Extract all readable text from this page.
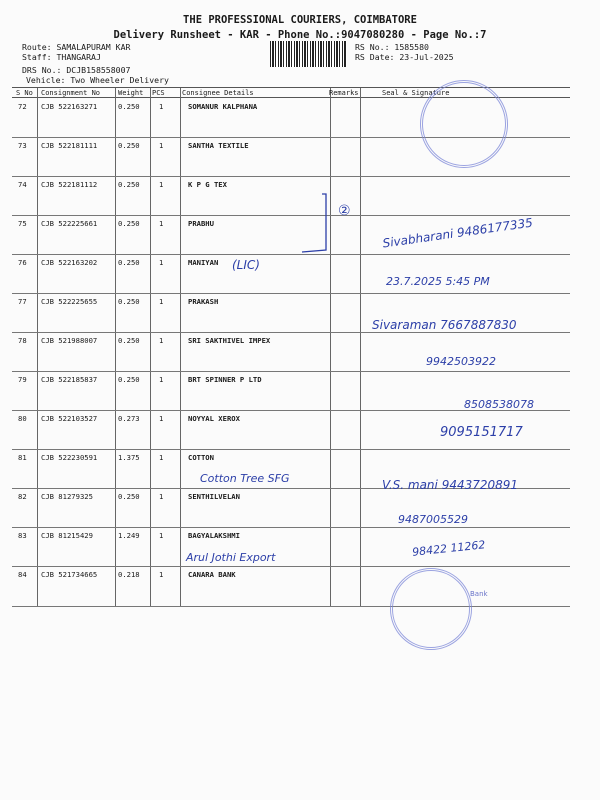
THE PROFESSIONAL COURIERS, COIMBATORE
Delivery Runsheet - KAR - Phone No.:9047080280 - Page No.:7
Route: SAMALAPURAM KAR
Staff: THANGARAJ
DRS No.: DCJB158558007
Vehicle: Two Wheeler Delivery
RS No.: 1585580
RS Date: 23-Jul-2025
S No Consignment No	Weight PCS Consignee Details	Remarks	Seal & Signature
72 CJB 522163271	0.250	1	SOMANUR KALPHANA
73 CJB 522181111	0.250	1	SANTHA TEXTILE
74 CJB 522181112	0.250	1	K P G TEX
75 CJB 522225661	0.250	1	PRABHU
76 CJB 522163202	0.250	1	MANIYAN
77 CJB 522225655	0.250	1	PRAKASH
78 CJB 521988007	0.250	1	SRI SAKTHIVEL IMPEX
79 CJB 522185837	0.250	1	BRT SPINNER P LTD
80 CJB 522103527	0.273	1	NOYYAL XEROX
81 CJB 522230591	1.375	1	COTTON
82 CJB 81279325	0.250	1	SENTHILVELAN
83 CJB 81215429	1.249	1	BAGYALAKSHMI
84 CJB 521734665	0.218	1	CANARA BANK
Bank
②
(LIC)
Sivabharani 9486177335
23.7.2025 5:45 PM
Sivaraman 7667887830
9942503922
8508538078
9095151717
Cotton Tree SFG	V.S. mani 9443720891
9487005529
Arul Jothi Export	98422 11262
